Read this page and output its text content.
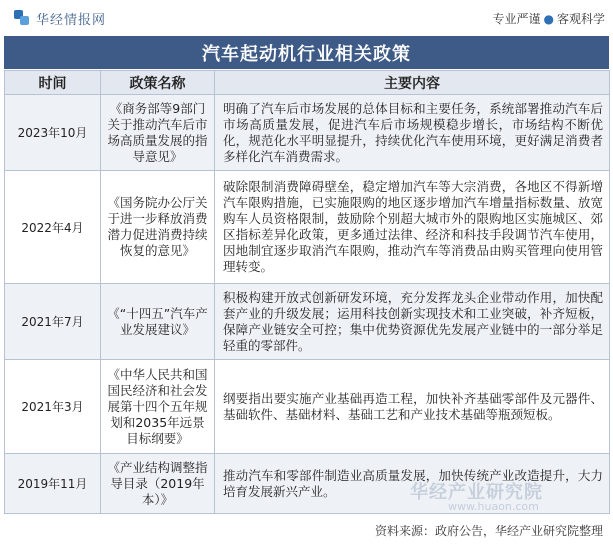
华经情报网	专业严谨 ● 客观科学
汽车起动机行业相关政策
时间	政策名称	主要内容
2023年10月	《商务部等9部门关于推动汽车后市场高质量发展的指导意见》	明确了汽车后市场发展的总体目标和主要任务，系统部署推动汽车后市场高质量发展，促进汽车后市场规模稳步增长，市场结构不断优化，规范化水平明显提升，持续优化汽车使用环境，更好满足消费者多样化汽车消费需求。
2022年4月	《国务院办公厅关于进一步释放消费潜力促进消费持续恢复的意见》	破除限制消费障碍壁垒，稳定增加汽车等大宗消费，各地区不得新增汽车限购措施，已实施限购的地区逐步增加汽车增量指标数量、放宽购车人员资格限制，鼓励除个别超大城市外的限购地区实施城区、郊区指标差异化政策，更多通过法律、经济和科技手段调节汽车使用，因地制宜逐步取消汽车限购，推动汽车等消费品由购买管理向使用管理转变。
2021年7月	《“十四五”汽车产业发展建议》	积极构建开放式创新研发环境，充分发挥龙头企业带动作用，加快配套产业的升级发展；运用科技创新实现技术和工业突破，补齐短板，保障产业链安全可控；集中优势资源优先发展产业链中的一部分举足轻重的零部件。
2021年3月	《中华人民共和国国民经济和社会发展第十四个五年规划和2035年远景目标纲要》	纲要指出要实施产业基础再造工程，加快补齐基础零部件及元器件、基础软件、基础材料、基础工艺和产业技术基础等瓶颈短板。
2019年11月	《产业结构调整指导目录（2019年本）》	推动汽车和零部件制造业高质量发展，加快传统产业改造提升，大力培育发展新兴产业。	华经产业研究院
www.huaon.com
资料来源：政府公告，华经产业研究院整理
